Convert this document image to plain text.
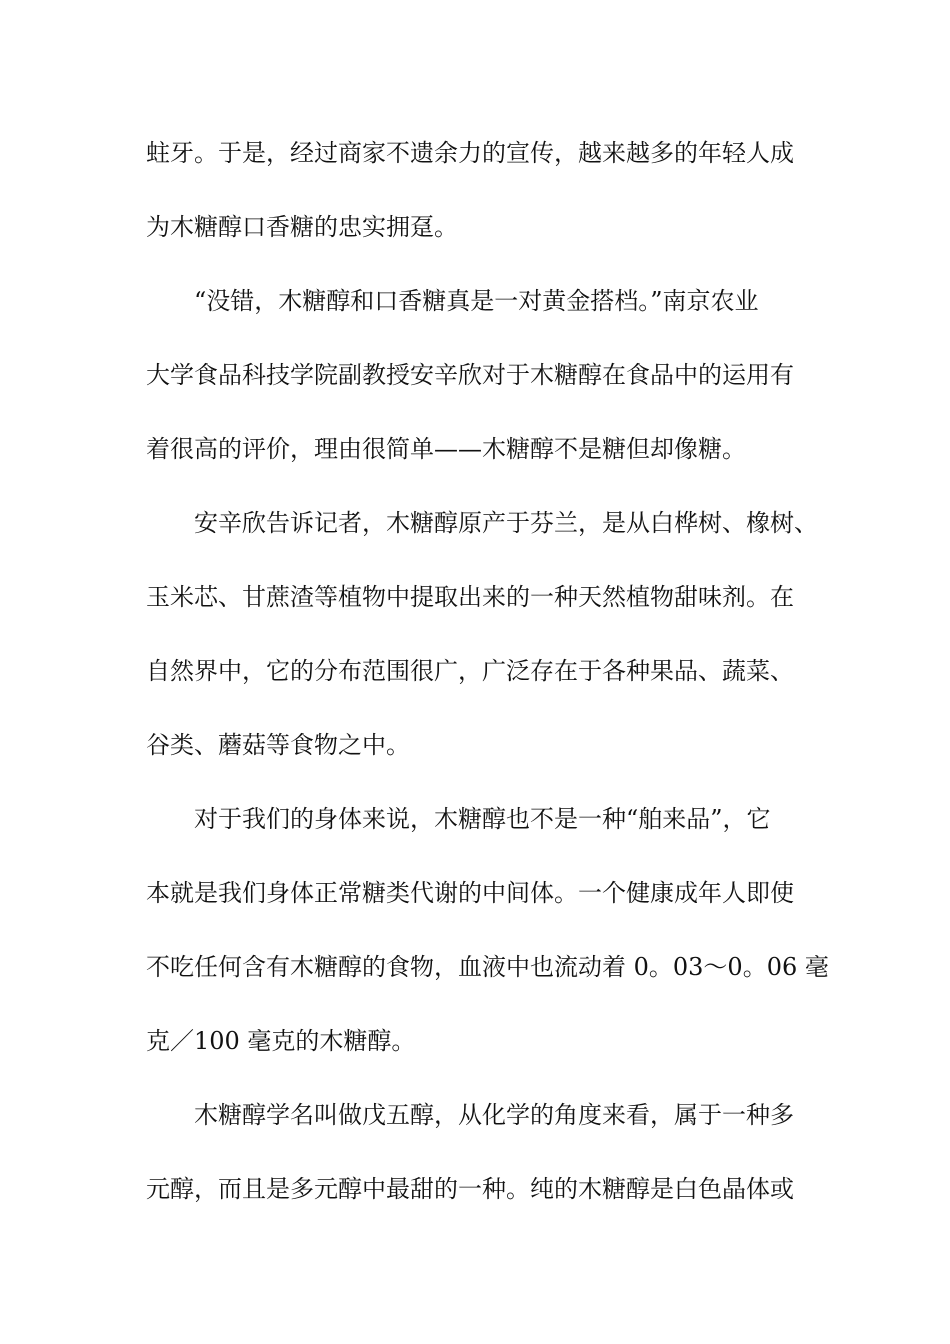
蛀牙。于是，经过商家不遗余力的宣传，越来越多的年轻人成
为木糖醇口香糖的忠实拥趸。
“没错，木糖醇和口香糖真是一对黄金搭档。”南京农业
大学食品科技学院副教授安辛欣对于木糖醇在食品中的运用有
着很高的评价，理由很简单——木糖醇不是糖但却像糖。
安辛欣告诉记者，木糖醇原产于芬兰，是从白桦树、橡树、
玉米芯、甘蔗渣等植物中提取出来的一种天然植物甜味剂。在
自然界中，它的分布范围很广，广泛存在于各种果品、蔬菜、
谷类、蘑菇等食物之中。
对于我们的身体来说，木糖醇也不是一种“舶来品”，它
本就是我们身体正常糖类代谢的中间体。一个健康成年人即使
不吃任何含有木糖醇的食物，血液中也流动着 0。03～0。06 毫
克／100 毫克的木糖醇。
木糖醇学名叫做戊五醇，从化学的角度来看，属于一种多
元醇，而且是多元醇中最甜的一种。纯的木糖醇是白色晶体或
